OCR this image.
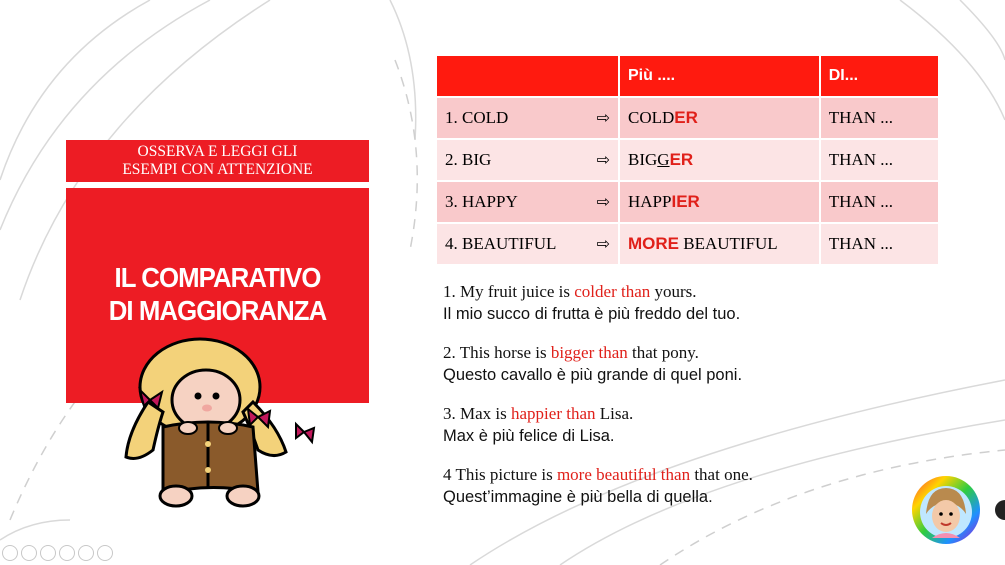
OSSERVA E LEGGI GLI
ESEMPI CON ATTENZIONE
IL COMPARATIVO
DI MAGGIORANZA
	Più ....	DI...
1. COLD ⇨	COLDER	THAN ...
2. BIG ⇨	BIGGER	THAN ...
3. HAPPY ⇨	HAPPIER	THAN ...
4. BEAUTIFUL ⇨	MORE BEAUTIFUL	THAN ...
1. My fruit juice is colder than yours.
Il mio succo di frutta è più freddo del tuo.
2. This horse is bigger than that pony.
Questo cavallo è più grande di quel poni.
3. Max is happier than Lisa.
Max è più felice di Lisa.
4 This picture is more beautiful than that one.
Quest’immagine è più bella di quella.
